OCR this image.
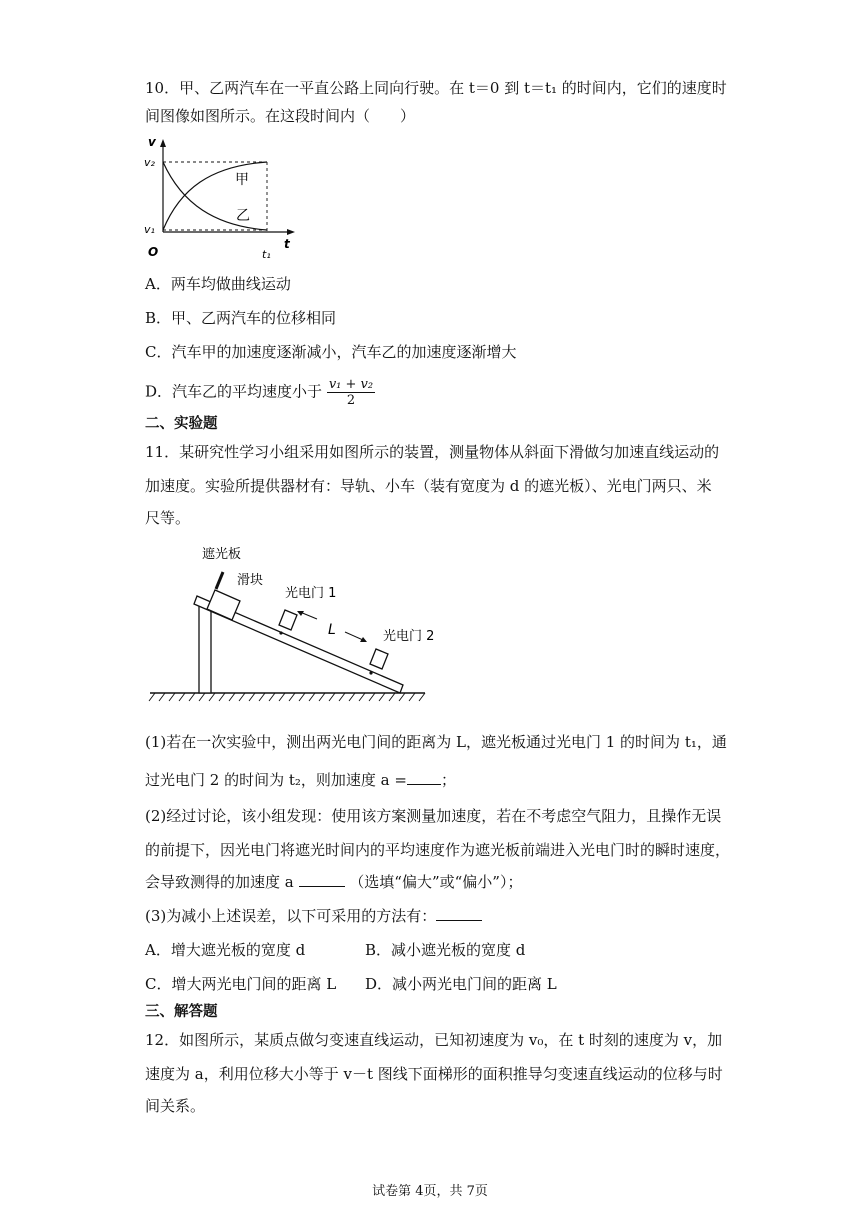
10．甲、乙两汽车在一平直公路上同向行驶。在 t＝0 到 t＝t₁ 的时间内，它们的速度时
间图像如图所示。在这段时间内（　　）
v
v₂
v₁
O	t₁
t
甲
乙
A．两车均做曲线运动
B．甲、乙两汽车的位移相同
C．汽车甲的加速度逐渐减小，汽车乙的加速度逐渐增大
D．汽车乙的平均速度小于 $\frac{\text{v₁ + v₂}}{2}$
二、实验题
11．某研究性学习小组采用如图所示的装置，测量物体从斜面下滑做匀加速直线运动的
加速度。实验所提供器材有：导轨、小车（装有宽度为 d 的遮光板）、光电门两只、米
尺等。
遮光板
滑块
光电门 1
光电门 2
L
(1)若在一次实验中，测出两光电门间的距离为 L，遮光板通过光电门 1 的时间为 t₁，通
过光电门 2 的时间为 t₂，则加速度 a = ；
(2)经过讨论，该小组发现：使用该方案测量加速度，若在不考虑空气阻力，且操作无误
的前提下，因光电门将遮光时间内的平均速度作为遮光板前端进入光电门时的瞬时速度，
会导致测得的加速度 a	（选填“偏大”或“偏小”）；
(3)为减小上述误差，以下可采用的方法有：
A．增大遮光板的宽度 d	B．减小遮光板的宽度 d
C．增大两光电门间的距离 L D．减小两光电门间的距离 L
三、解答题
12．如图所示，某质点做匀变速直线运动，已知初速度为 v₀，在 t 时刻的速度为 v，加
速度为 a，利用位移大小等于 v－t 图线下面梯形的面积推导匀变速直线运动的位移与时
间关系。
试卷第 4页，共 7页
